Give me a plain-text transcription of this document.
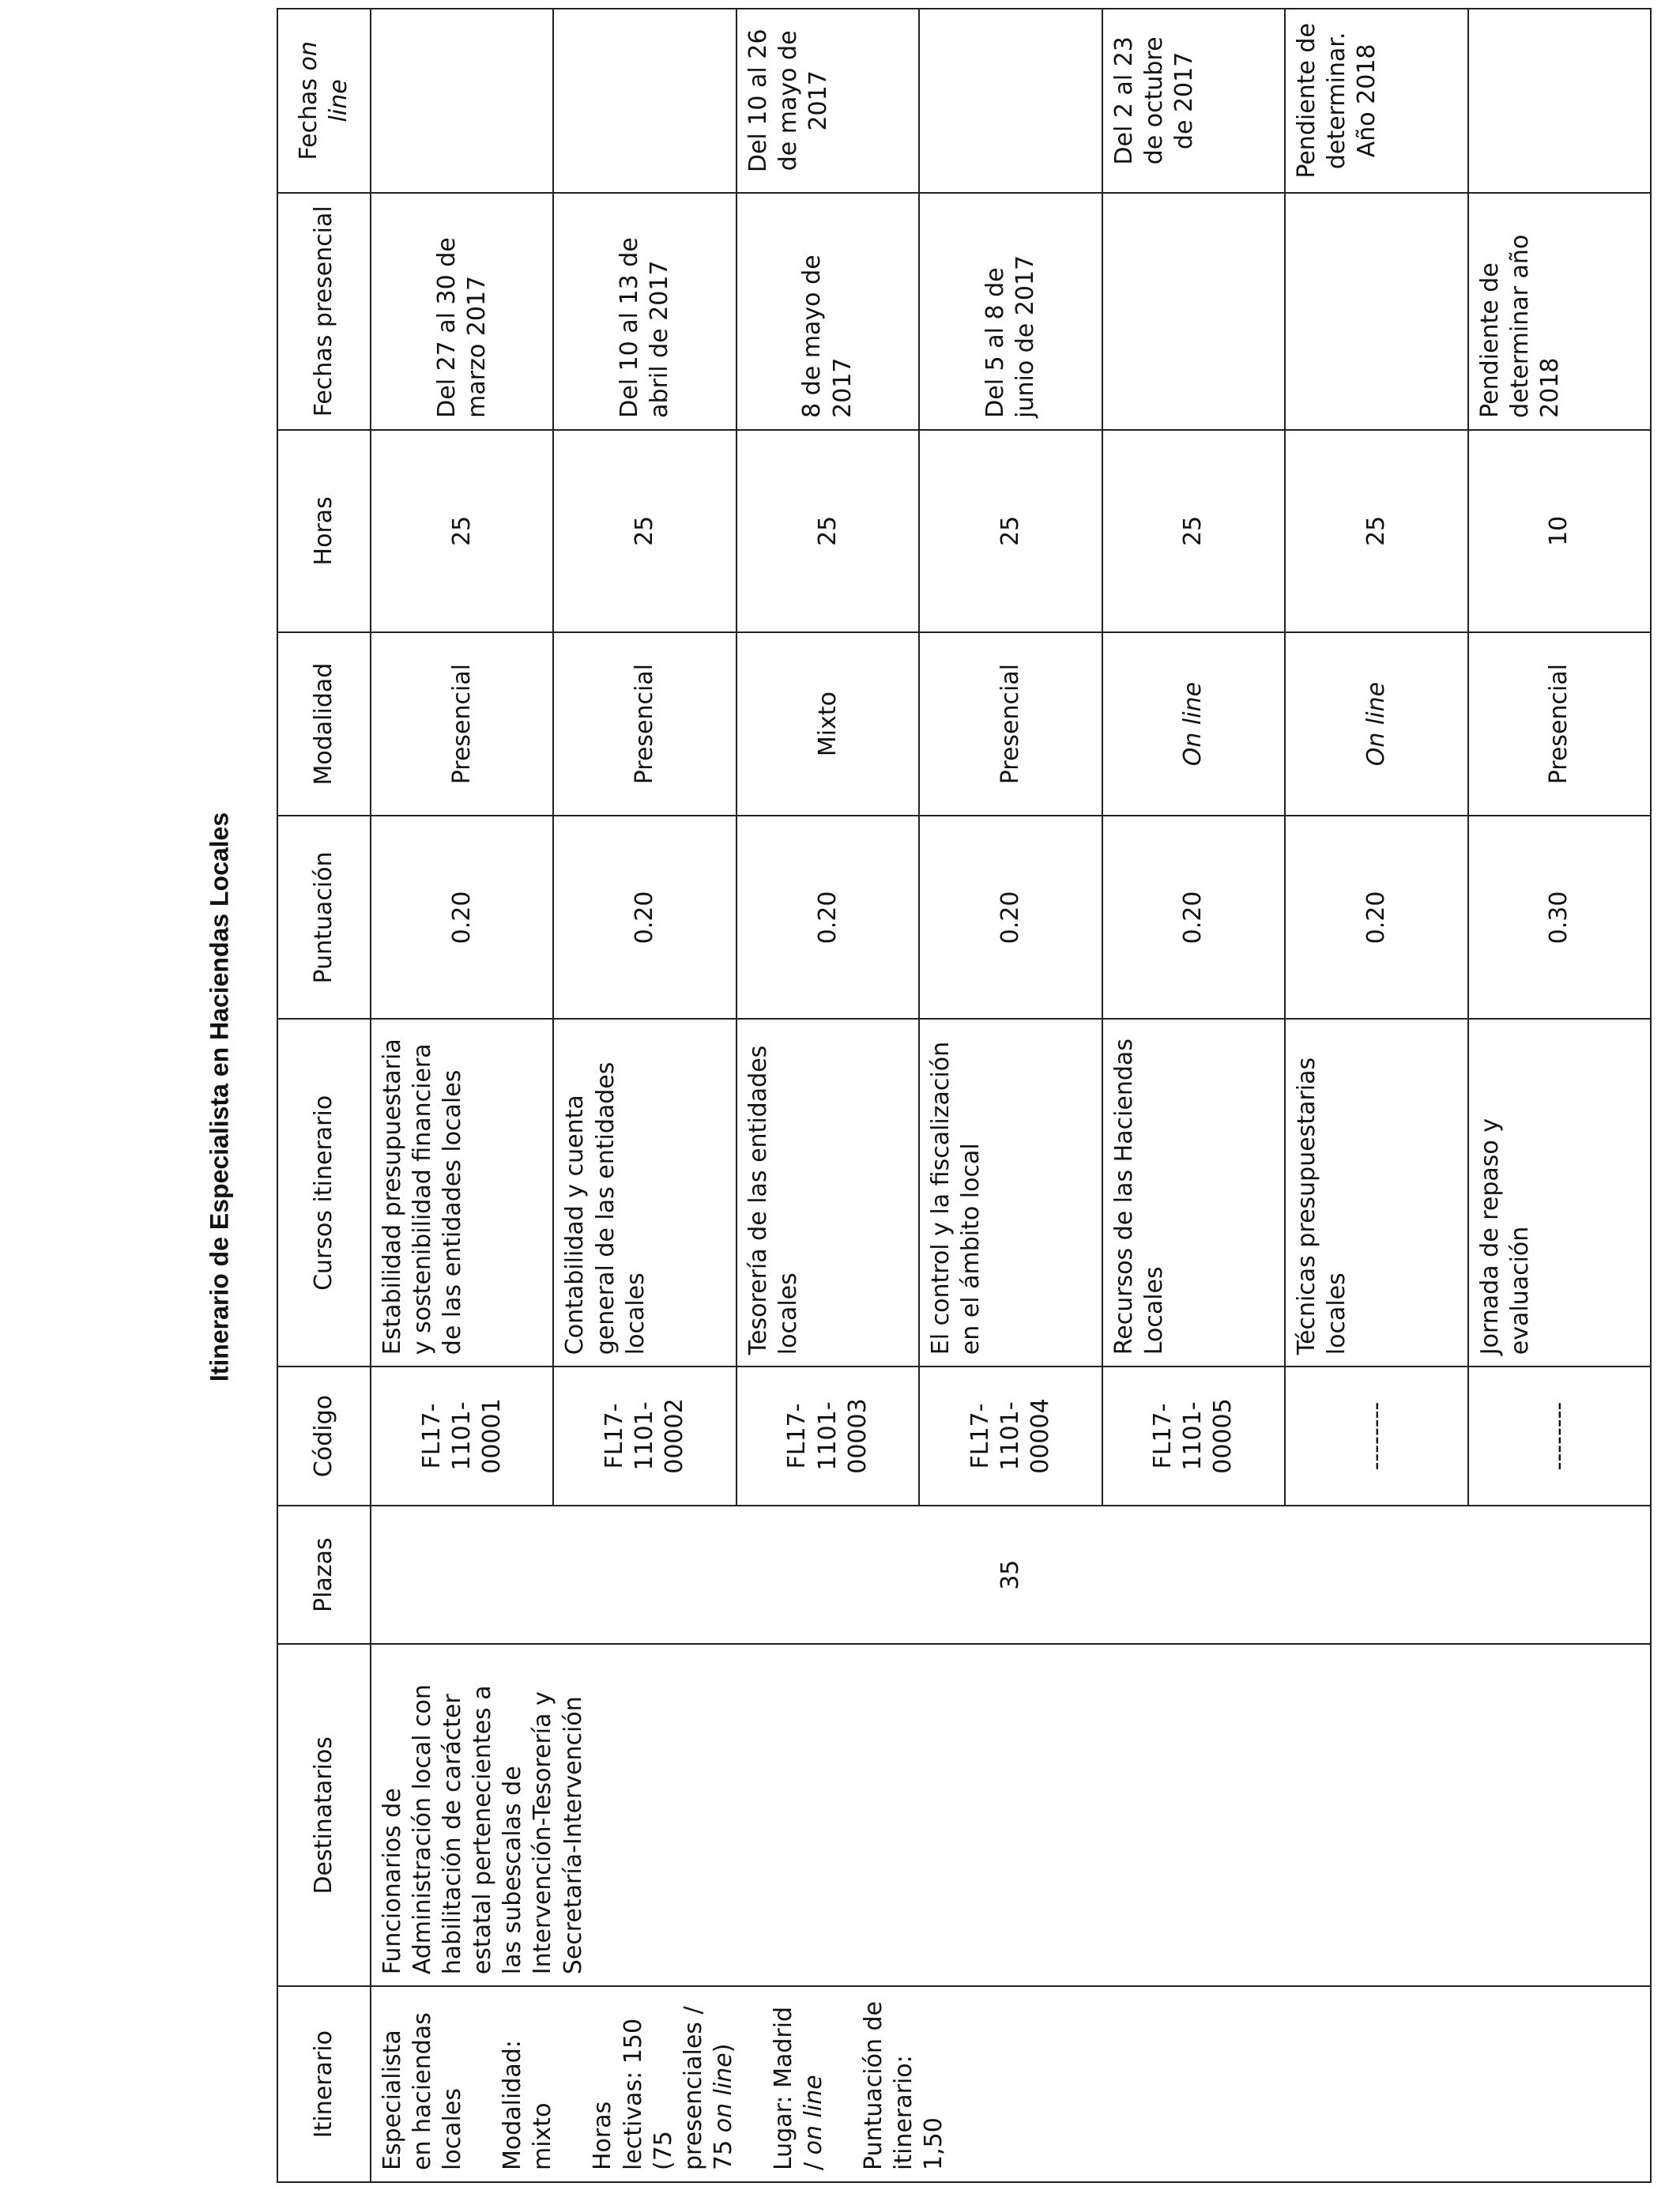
Itinerario de Especialista en Haciendas Locales
Itinerario	Destinatarios	Plazas	Código	Cursos itinerario	Puntuación	Modalidad	Horas	Fechas presencial	Fechas on line

Especialista en haciendas locales Modalidad: mixto Horas lectivas: 150 (75 presenciales / 75 on line) Lugar: Madrid / on line Puntuación de itinerario: 1,50	Funcionarios de Administración local con habilitación de carácter estatal pertenecientes a las subescalas de Intervención-Tesorería y Secretaría-Intervención	35	FL17-1101-00001	Estabilidad presupuestaria y sostenibilidad financiera de las entidades locales	0.20	Presencial	25	Del 27 al 30 de marzo 2017	
			FL17-1101-00002	Contabilidad y cuenta general de las entidades locales	0.20	Presencial	25	Del 10 al 13 de abril de 2017	
			FL17-1101-00003	Tesorería de las entidades locales	0.20	Mixto	25	8 de mayo de 2017	Del 10 al 26 de mayo de 2017
			FL17-1101-00004	El control y la fiscalización en el ámbito local	0.20	Presencial	25	Del 5 al 8 de junio de 2017	
			FL17-1101-00005	Recursos de las Haciendas Locales	0.20	On line	25		Del 2 al 23 de octubre de 2017
			--------	Técnicas presupuestarias locales	0.20	On line	25		Pendiente de determinar. Año 2018
			--------	Jornada de repaso y evaluación	0.30	Presencial	10	Pendiente de determinar año 2018	
